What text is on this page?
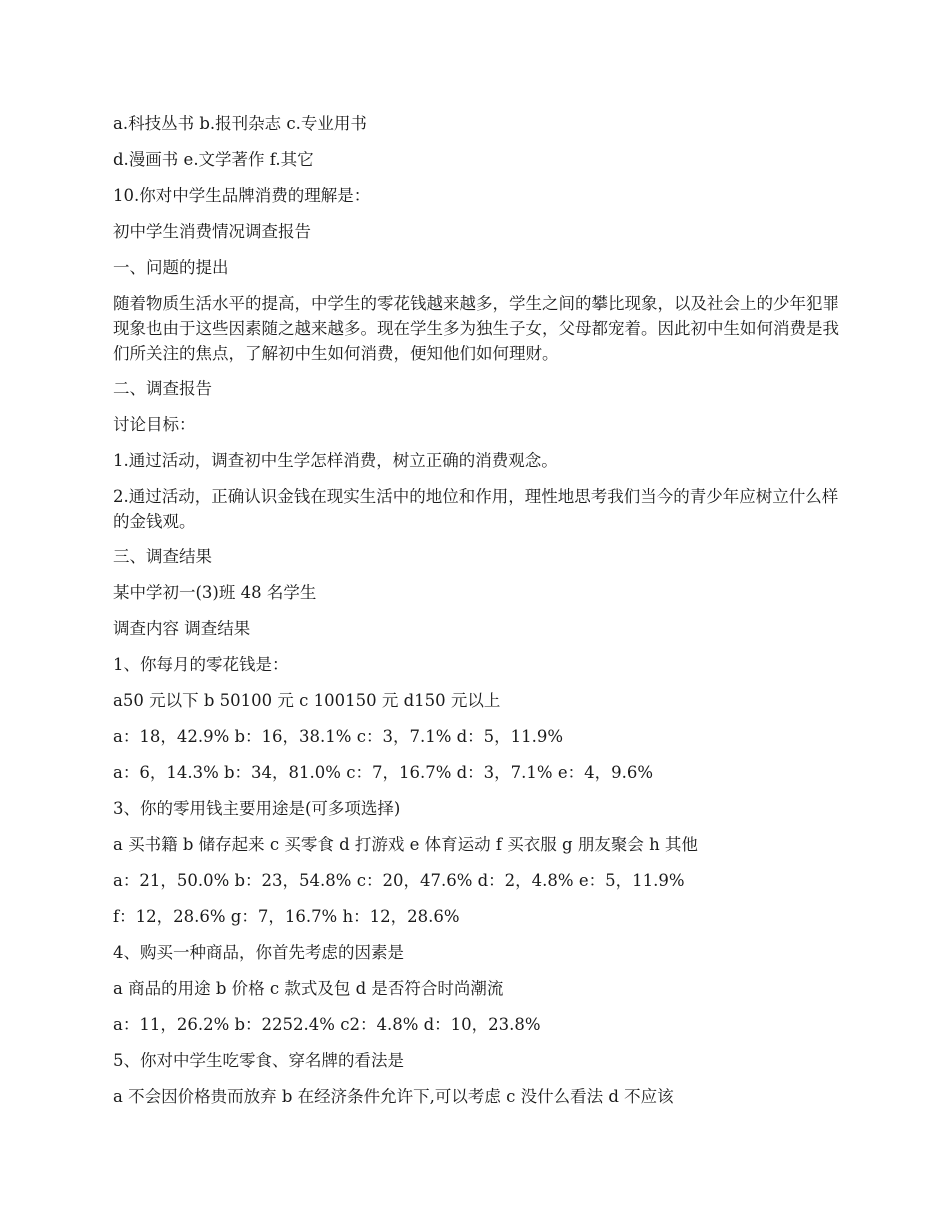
a.科技丛书 b.报刊杂志 c.专业用书

d.漫画书 e.文学著作 f.其它

10.你对中学生品牌消费的理解是：

初中学生消费情况调查报告

一、问题的提出

随着物质生活水平的提高，中学生的零花钱越来越多，学生之间的攀比现象，以及社会上的少年犯罪现象也由于这些因素随之越来越多。现在学生多为独生子女，父母都宠着。因此初中生如何消费是我们所关注的焦点，了解初中生如何消费，便知他们如何理财。

二、调查报告

讨论目标：

1.通过活动，调查初中生学怎样消费，树立正确的消费观念。

2.通过活动，正确认识金钱在现实生活中的地位和作用，理性地思考我们当今的青少年应树立什么样的金钱观。

三、调查结果

某中学初一(3)班 48 名学生

调查内容 调查结果

1、你每月的零花钱是：

a50 元以下 b 50100 元 c 100150 元 d150 元以上

a：18，42.9% b：16，38.1% c：3，7.1% d：5，11.9%

a：6，14.3% b：34，81.0% c：7，16.7% d：3，7.1% e：4，9.6%

3、你的零用钱主要用途是(可多项选择)

a 买书籍 b 储存起来 c 买零食 d 打游戏 e 体育运动 f 买衣服 g 朋友聚会 h 其他

a：21，50.0% b：23，54.8% c：20，47.6% d：2，4.8% e：5，11.9%

f：12，28.6% g：7，16.7% h：12，28.6%

4、购买一种商品，你首先考虑的因素是

a 商品的用途 b 价格 c 款式及包 d 是否符合时尚潮流

a：11，26.2% b：2252.4% c2：4.8% d：10，23.8%

5、你对中学生吃零食、穿名牌的看法是

a 不会因价格贵而放弃 b 在经济条件允许下,可以考虑 c 没什么看法 d 不应该
